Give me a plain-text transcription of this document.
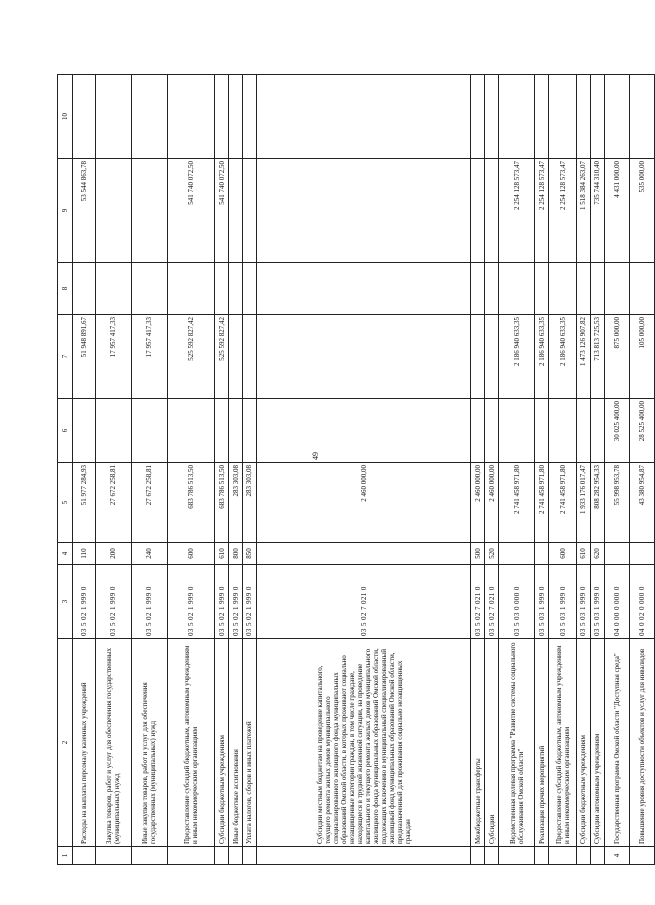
49
1	2	3	4	5	6	7	8	9	10
	Расходы на выплаты персоналу казенных учреждений	03 5 02 1 999 0	110	51 977 284,93		51 948 891,67		53 544 863,78	
	Закупка товаров, работ и услуг для обеспечения государственных (муниципальных) нужд	03 5 02 1 999 0	200	27 672 258,81		17 957 417,33			
	Иные закупки товаров, работ и услуг для обеспечения государственных (муниципальных) нужд	03 5 02 1 999 0	240	27 672 258,81		17 957 417,33			
	Предоставление субсидий бюджетным, автономным учреждениям и иным некоммерческим организациям	03 5 02 1 999 0	600	683 786 513,50		525 592 827,42		541 740 072,50	
	Субсидии бюджетным учреждениям	03 5 02 1 999 0	610	683 786 513,50		525 592 827,42		541 740 072,50	
	Иные бюджетные ассигнования	03 5 02 1 999 0	800	283 303,08					
	Уплата налогов, сборов и иных платежей	03 5 02 1 999 0	850	283 303,08					
	Субсидии местным бюджетам на проведение капитального, текущего ремонта жилых домов муниципального специализированного жилищного фонда муниципальных образований Омской области, в которых проживают социально незащищенные категории граждан, в том числе граждане, находящиеся в трудной жизненной ситуации, на проведение капитального и текущего ремонта жилых домов муниципального жилищного фонда муниципальных образований Омской области, подлежащих включению в муниципальный специализированный жилищный фонд муниципальных образований Омской области, предназначенный для проживания социально незащищенных граждан	03 5 02 7 021 0		2 460 000,00					
	Межбюджетные трансферты	03 5 02 7 021 0	500	2 460 000,00					
	Субсидии	03 5 02 7 021 0	520	2 460 000,00					
	Ведомственная целевая программа "Развитие системы социального обслуживания Омской области"	03 5 03 0 000 0		2 741 458 971,80		2 186 940 633,35		2 254 128 573,47	
	Реализация прочих мероприятий	03 5 03 1 999 0		2 741 458 971,80		2 186 940 633,35		2 254 128 573,47	
	Предоставление субсидий бюджетным, автономным учреждениям и иным некоммерческим организациям	03 5 03 1 999 0	600	2 741 458 971,80		2 186 940 633,35		2 254 128 573,47	
	Субсидии бюджетным учреждениям	03 5 03 1 999 0	610	1 933 176 017,47		1 473 126 907,82		1 518 384 263,07	
	Субсидии автономным учреждениям	03 5 03 1 999 0	620	808 282 954,33		713 813 725,53		735 744 310,40	
4	Государственная программа Омской области "Доступная среда"	04 0 00 0 000 0		55 998 953,78	30 025 400,00	875 000,00		4 431 000,00	
	Повышение уровня доступности объектов и услуг для инвалидов	04 0 02 0 000 0		43 380 954,87	28 525 400,00	105 000,00		535 000,00	
